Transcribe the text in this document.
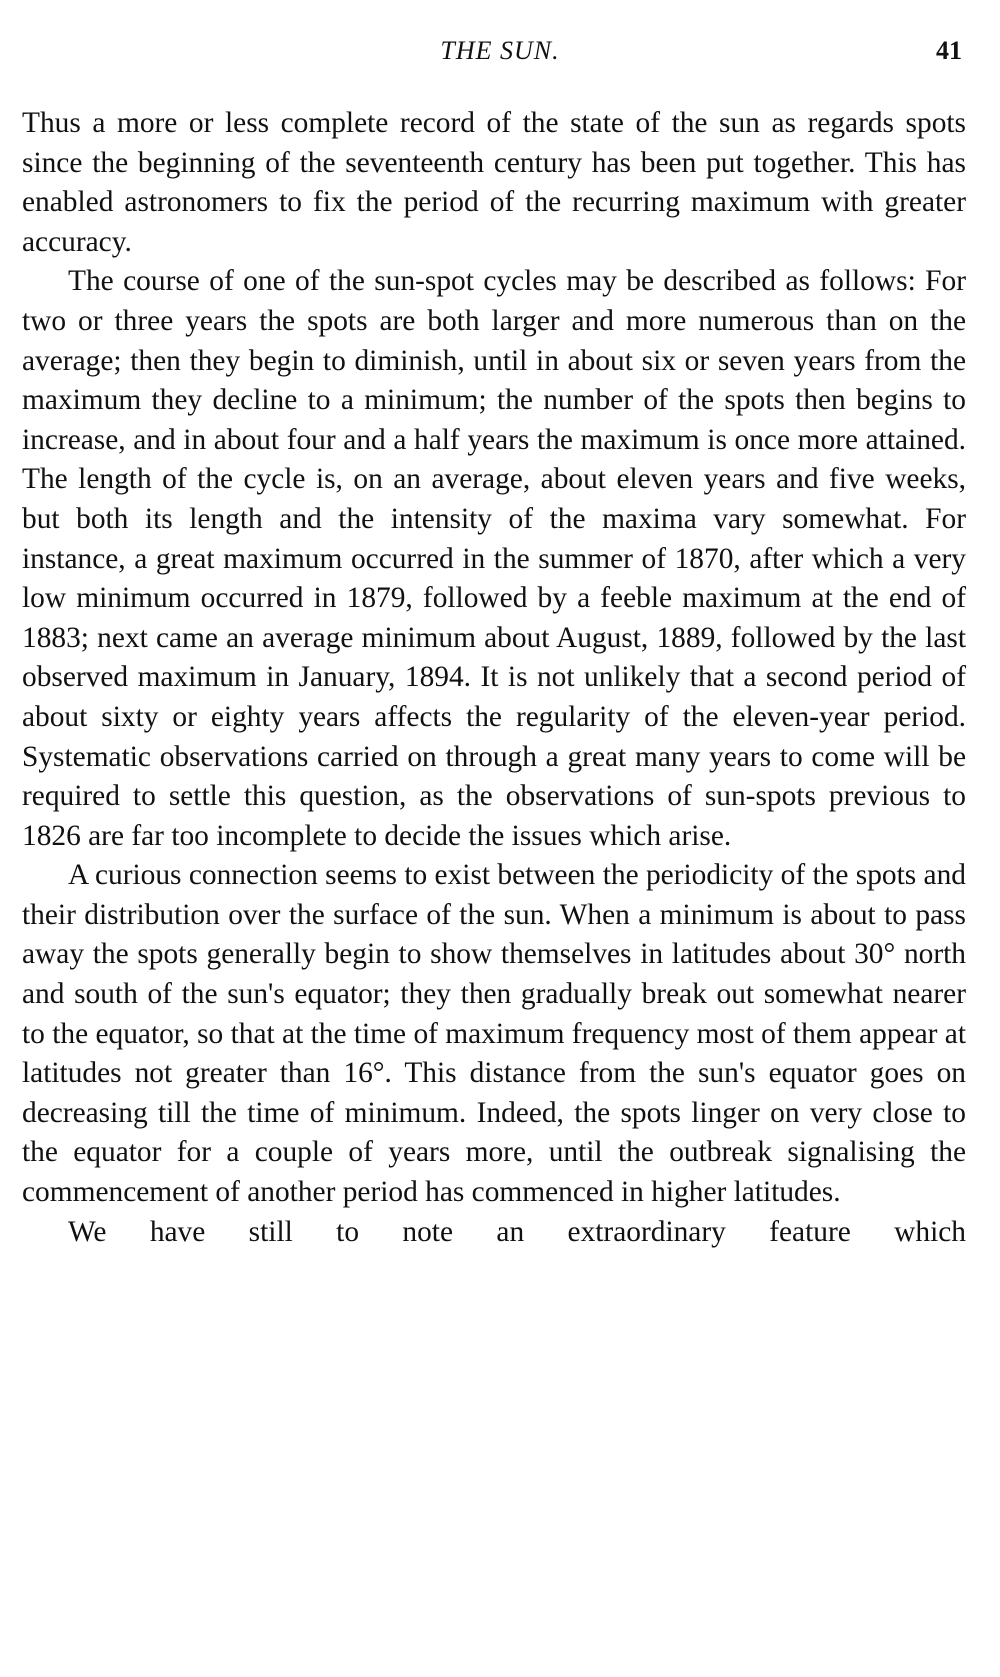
THE SUN.	41

Thus a more or less complete record of the state of the sun as regards spots since the beginning of the seventeenth century has been put together. This has enabled astronomers to fix the period of the recurring maximum with greater accuracy.

The course of one of the sun-spot cycles may be described as follows: For two or three years the spots are both larger and more numerous than on the average; then they begin to diminish, until in about six or seven years from the maximum they decline to a minimum; the number of the spots then begins to increase, and in about four and a half years the maximum is once more attained. The length of the cycle is, on an average, about eleven years and five weeks, but both its length and the intensity of the maxima vary somewhat. For instance, a great maximum occurred in the summer of 1870, after which a very low minimum occurred in 1879, followed by a feeble maximum at the end of 1883; next came an average minimum about August, 1889, followed by the last observed maximum in January, 1894. It is not unlikely that a second period of about sixty or eighty years affects the regularity of the eleven-year period. Systematic observations carried on through a great many years to come will be required to settle this question, as the observations of sun-spots previous to 1826 are far too incomplete to decide the issues which arise.

A curious connection seems to exist between the periodicity of the spots and their distribution over the surface of the sun. When a minimum is about to pass away the spots generally begin to show themselves in latitudes about 30° north and south of the sun's equator; they then gradually break out somewhat nearer to the equator, so that at the time of maximum frequency most of them appear at latitudes not greater than 16°. This distance from the sun's equator goes on decreasing till the time of minimum. Indeed, the spots linger on very close to the equator for a couple of years more, until the outbreak signalising the commencement of another period has commenced in higher latitudes.

We have still to note an extraordinary feature which
